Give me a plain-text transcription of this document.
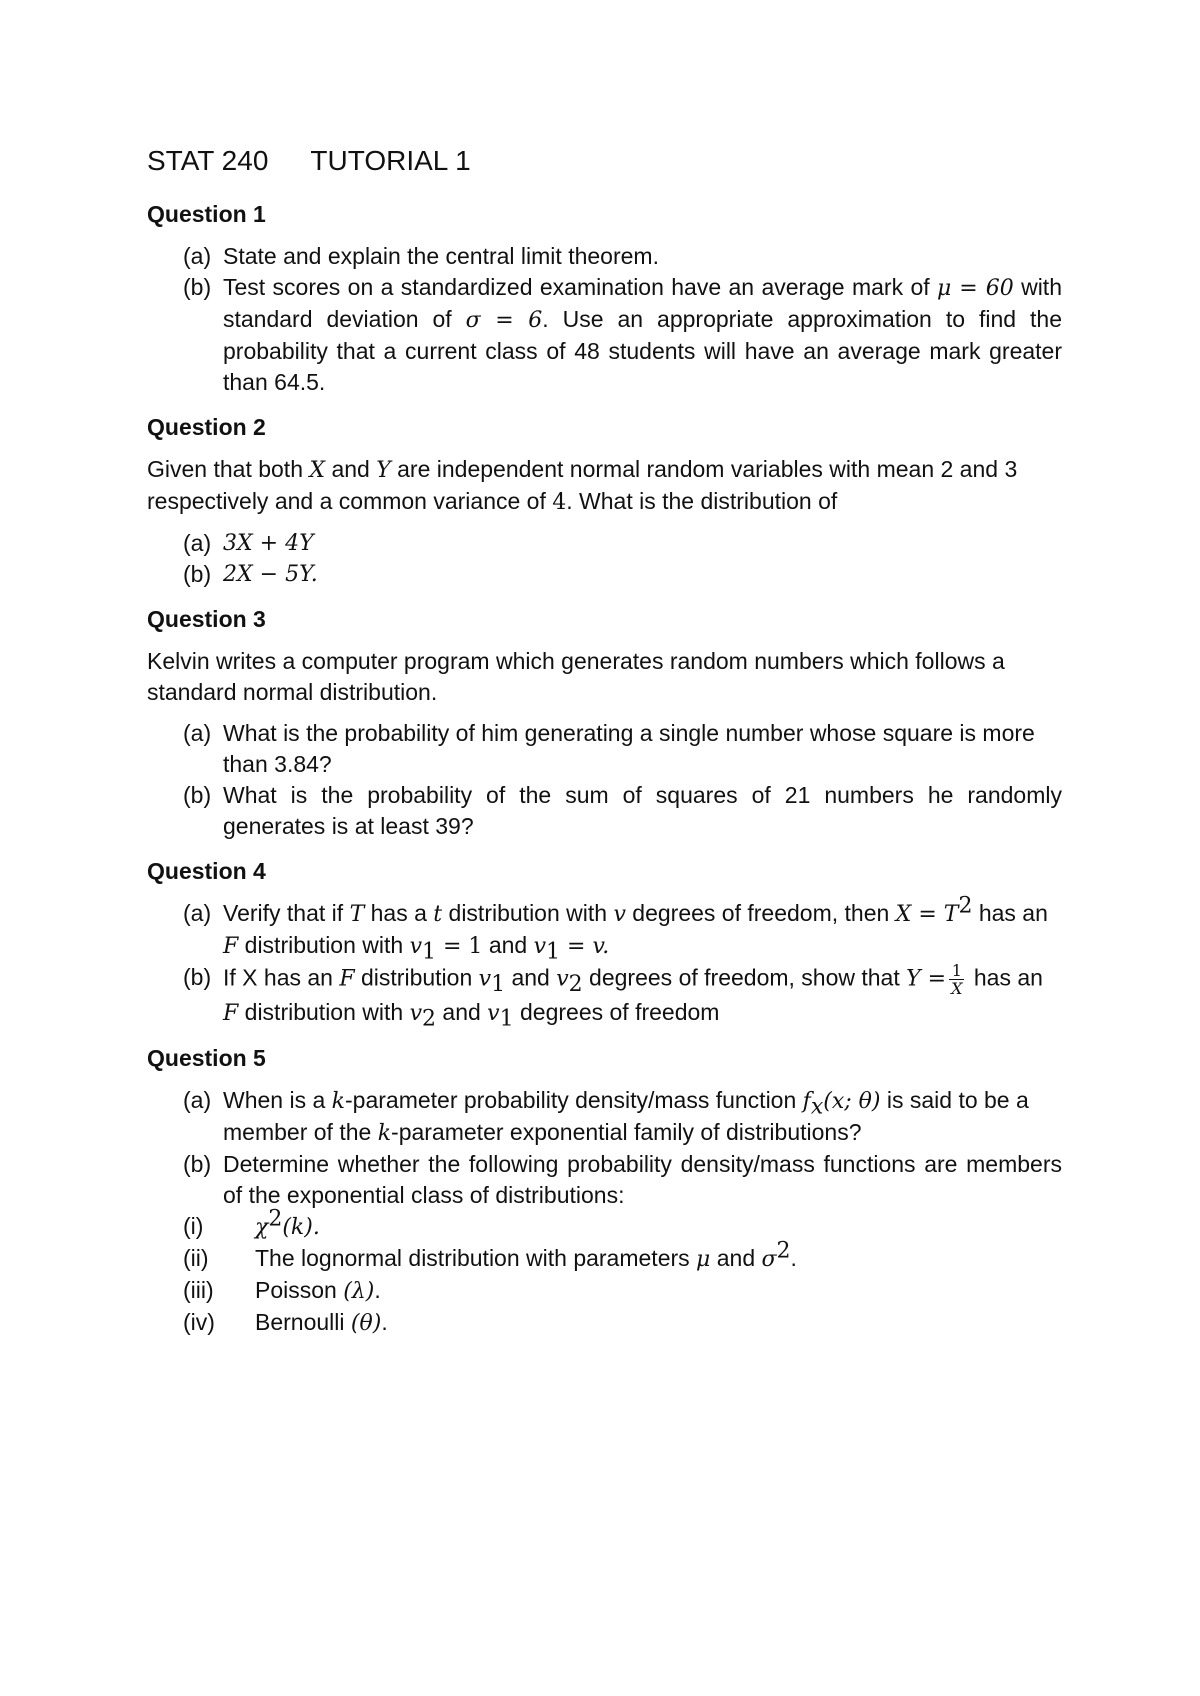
STAT 240 TUTORIAL 1
Question 1
(a) State and explain the central limit theorem.
(b) Test scores on a standardized examination have an average mark of μ = 60 with standard deviation of σ = 6. Use an appropriate approximation to find the probability that a current class of 48 students will have an average mark greater than 64.5.
Question 2
Given that both X and Y are independent normal random variables with mean 2 and 3 respectively and a common variance of 4. What is the distribution of
(a) 3X + 4Y
(b) 2X − 5Y.
Question 3
Kelvin writes a computer program which generates random numbers which follows a standard normal distribution.
(a) What is the probability of him generating a single number whose square is more than 3.84?
(b) What is the probability of the sum of squares of 21 numbers he randomly generates is at least 39?
Question 4
(a) Verify that if T has a t distribution with v degrees of freedom, then $X = T^2$ has an F distribution with $v_1 = 1$ and $v_1 = v$.
(b) If X has an F distribution $v_1$ and $v_2$ degrees of freedom, show that $Y = \frac{1}{X}$ has an F distribution with $v_2$ and $v_1$ degrees of freedom
Question 5
(a) When is a k-parameter probability density/mass function $f_x(x$; θ) is said to be a member of the k-parameter exponential family of distributions?
(b) Determine whether the following probability density/mass functions are members of the exponential class of distributions:
(i)	$\chi^2(k)$.
(ii)	The lognormal distribution with parameters μ and $\sigma^2$.
(iii)	Poisson (λ).
(iv)	Bernoulli (θ).
